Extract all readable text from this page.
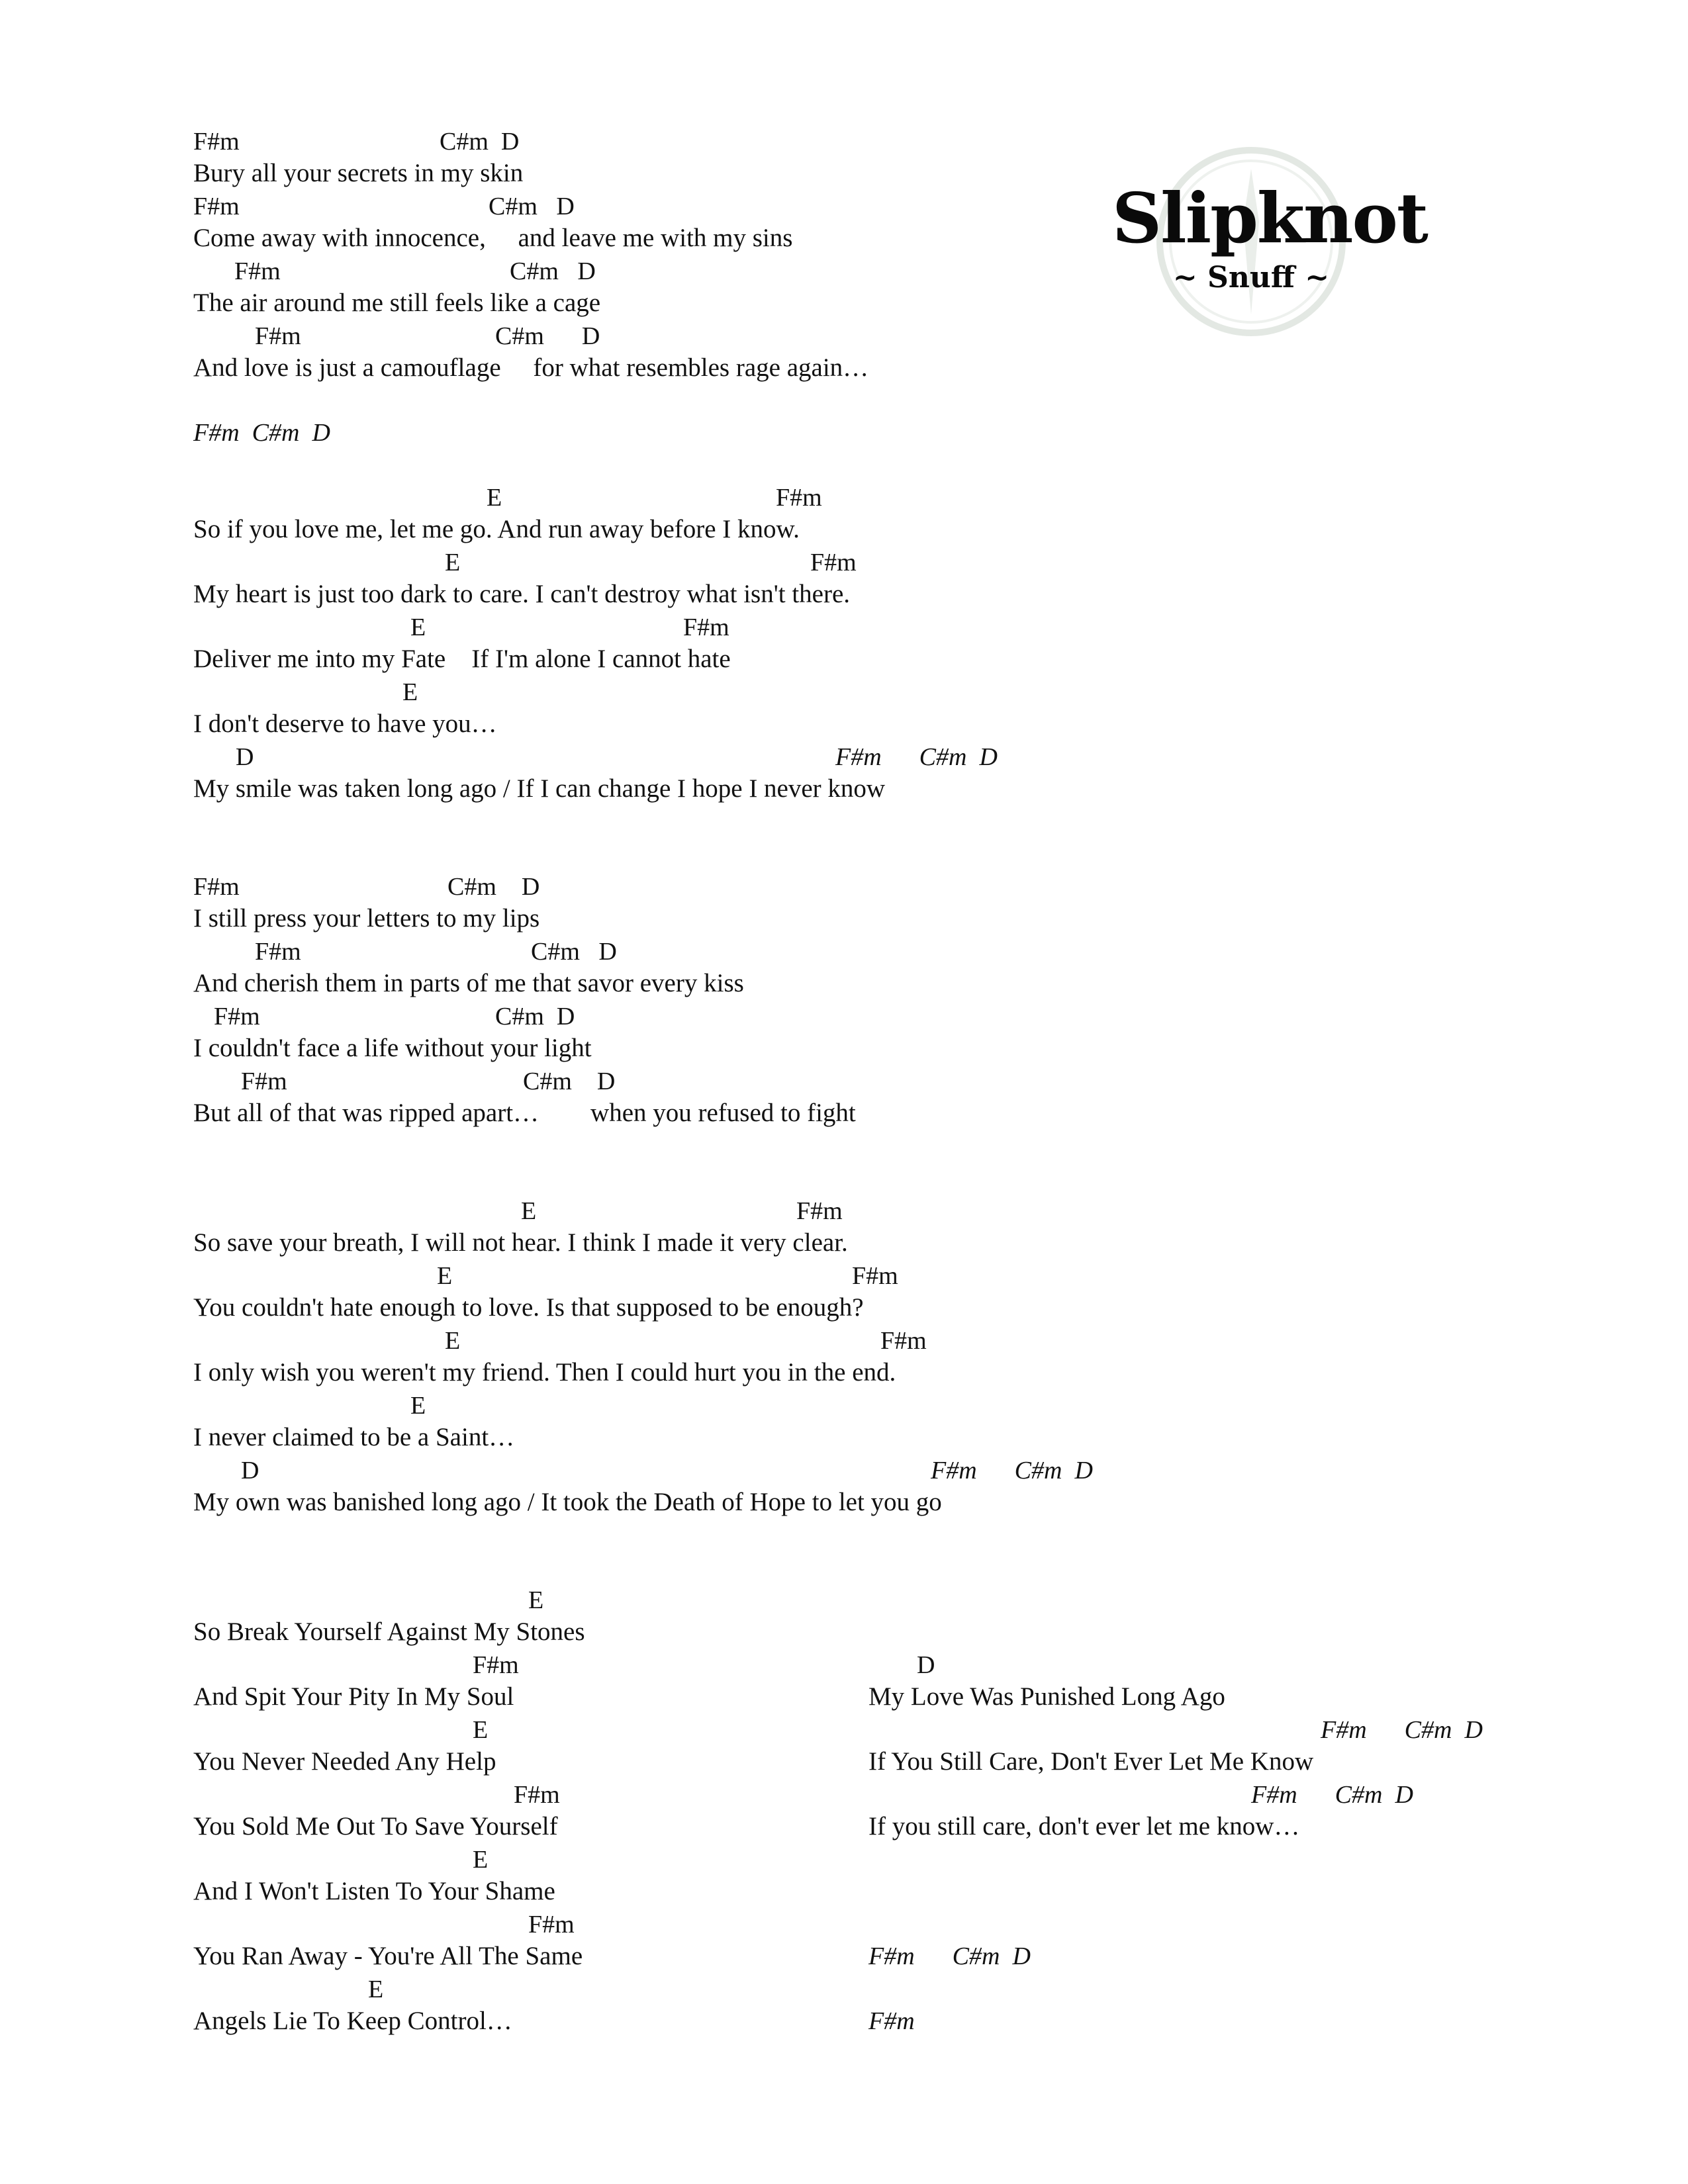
Slipknot
~ Snuff ~
F#m	C#m  D
Bury all your secrets in my skin
F#m	C#m   D
Come away with innocence,     and leave me with my sins
F#m	C#m   D
The air around me still feels like a cage
F#m	C#m      D
And love is just a camouflage     for what resembles rage again…
F#m  C#m  D
E	F#m
So if you love me, let me go. And run away before I know.
E	F#m
My heart is just too dark to care. I can't destroy what isn't there.
E	F#m
Deliver me into my Fate    If I'm alone I cannot hate
E
I don't deserve to have you…
D	F#m      C#m  D
My smile was taken long ago / If I can change I hope I never know
F#m	C#m    D
I still press your letters to my lips
F#m	C#m   D
And cherish them in parts of me that savor every kiss
F#m	C#m  D
I couldn't face a life without your light
F#m	C#m    D
But all of that was ripped apart…        when you refused to fight
E	F#m
So save your breath, I will not hear. I think I made it very clear.
E	F#m
You couldn't hate enough to love. Is that supposed to be enough?
E	F#m
I only wish you weren't my friend. Then I could hurt you in the end.
E
I never claimed to be a Saint…
D	F#m      C#m  D
My own was banished long ago / It took the Death of Hope to let you go
E
So Break Yourself Against My Stones
F#m
And Spit Your Pity In My Soul
E
You Never Needed Any Help
F#m
You Sold Me Out To Save Yourself
E
And I Won't Listen To Your Shame
F#m
You Ran Away - You're All The Same
E
Angels Lie To Keep Control…
D
My Love Was Punished Long Ago
F#m      C#m  D
If You Still Care, Don't Ever Let Me Know
F#m      C#m  D
If you still care, don't ever let me know…
F#m      C#m  D
F#m
